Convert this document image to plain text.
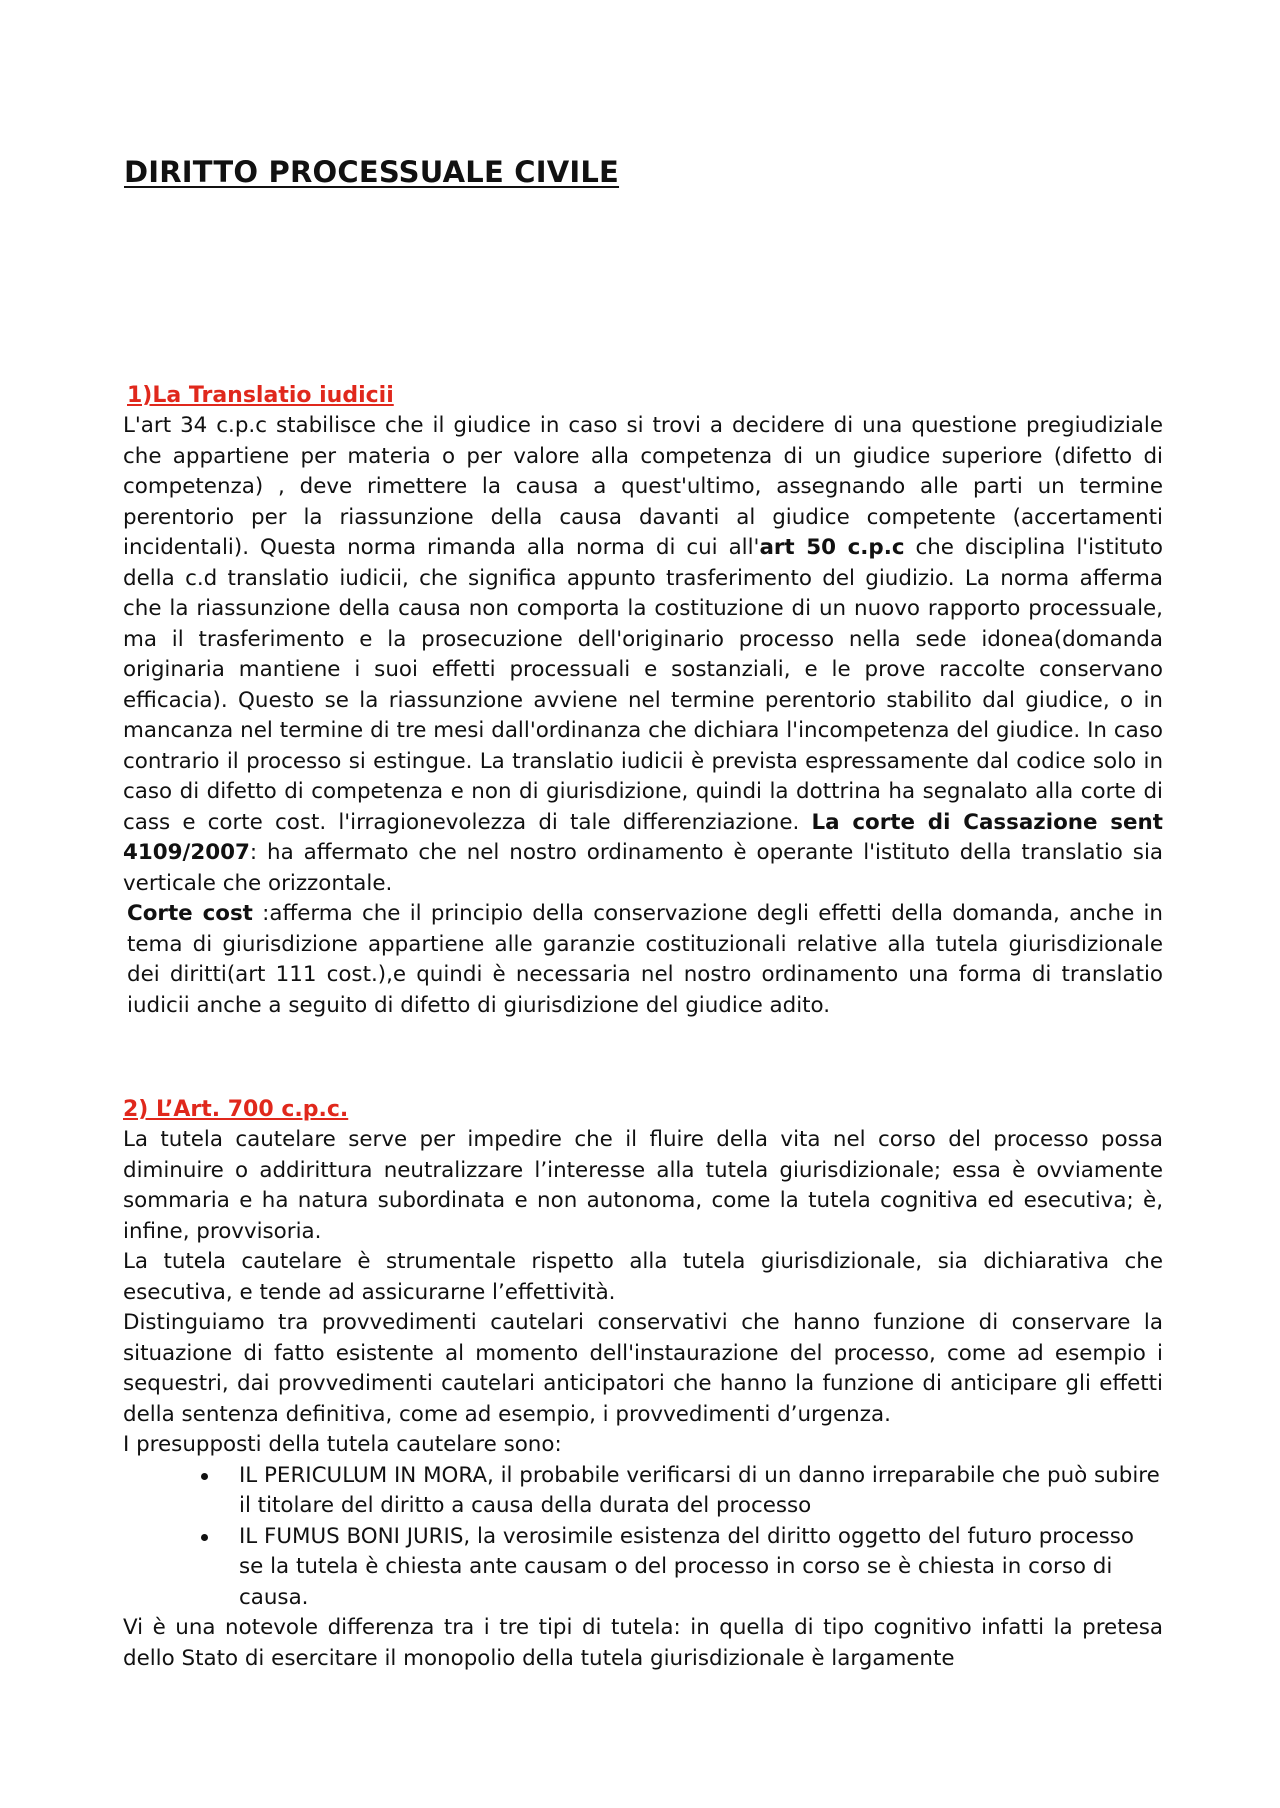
DIRITTO PROCESSUALE CIVILE
1)La Translatio iudicii

L'art 34 c.p.c stabilisce che il giudice in caso si trovi a decidere di una questione pregiudiziale che appartiene per materia o per valore alla competenza di un giudice superiore (difetto di competenza) , deve rimettere la causa a quest'ultimo, assegnando alle parti un termine perentorio per la riassunzione della causa davanti al giudice competente (accertamenti incidentali). Questa norma rimanda alla norma di cui all'art 50 c.p.c che disciplina l'istituto della c.d translatio iudicii, che significa appunto trasferimento del giudizio. La norma afferma che la riassunzione della causa non comporta la costituzione di un nuovo rapporto processuale, ma il trasferimento e la prosecuzione dell'originario processo nella sede idonea(domanda originaria mantiene i suoi effetti processuali e sostanziali, e le prove raccolte conservano efficacia). Questo se la riassunzione avviene nel termine perentorio stabilito dal giudice, o in mancanza nel termine di tre mesi dall'ordinanza che dichiara l'incompetenza del giudice. In caso contrario il processo si estingue. La translatio iudicii è prevista espressamente dal codice solo in caso di difetto di competenza e non di giurisdizione, quindi la dottrina ha segnalato alla corte di cass e corte cost. l'irragionevolezza di tale differenziazione. La corte di Cassazione sent 4109/2007: ha affermato che nel nostro ordinamento è operante l'istituto della translatio sia verticale che orizzontale.

Corte cost :afferma che il principio della conservazione degli effetti della domanda, anche in tema di giurisdizione appartiene alle garanzie costituzionali relative alla tutela giurisdizionale dei diritti(art 111 cost.),e quindi è necessaria nel nostro ordinamento una forma di translatio iudicii anche a seguito di difetto di giurisdizione del giudice adito.

2) L’Art. 700 c.p.c.

La tutela cautelare serve per impedire che il fluire della vita nel corso del processo possa diminuire o addirittura neutralizzare l’interesse alla tutela giurisdizionale; essa è ovviamente sommaria e ha natura subordinata e non autonoma, come la tutela cognitiva ed esecutiva; è, infine, provvisoria.

La tutela cautelare è strumentale rispetto alla tutela giurisdizionale, sia dichiarativa che esecutiva, e tende ad assicurarne l’effettività.

Distinguiamo tra provvedimenti cautelari conservativi che hanno funzione di conservare la situazione di fatto esistente al momento dell'instaurazione del processo, come ad esempio i sequestri, dai provvedimenti cautelari anticipatori che hanno la funzione di anticipare gli effetti della sentenza definitiva, come ad esempio, i provvedimenti d’urgenza.

I presupposti della tutela cautelare sono:

IL PERICULUM IN MORA, il probabile verificarsi di un danno irreparabile che può subire il titolare del diritto a causa della durata del processo
IL FUMUS BONI JURIS, la verosimile esistenza del diritto oggetto del futuro processo se la tutela è chiesta ante causam o del processo in corso se è chiesta in corso di causa.

Vi è una notevole differenza tra i tre tipi di tutela: in quella di tipo cognitivo infatti la pretesa dello Stato di esercitare il monopolio della tutela giurisdizionale è largamente
